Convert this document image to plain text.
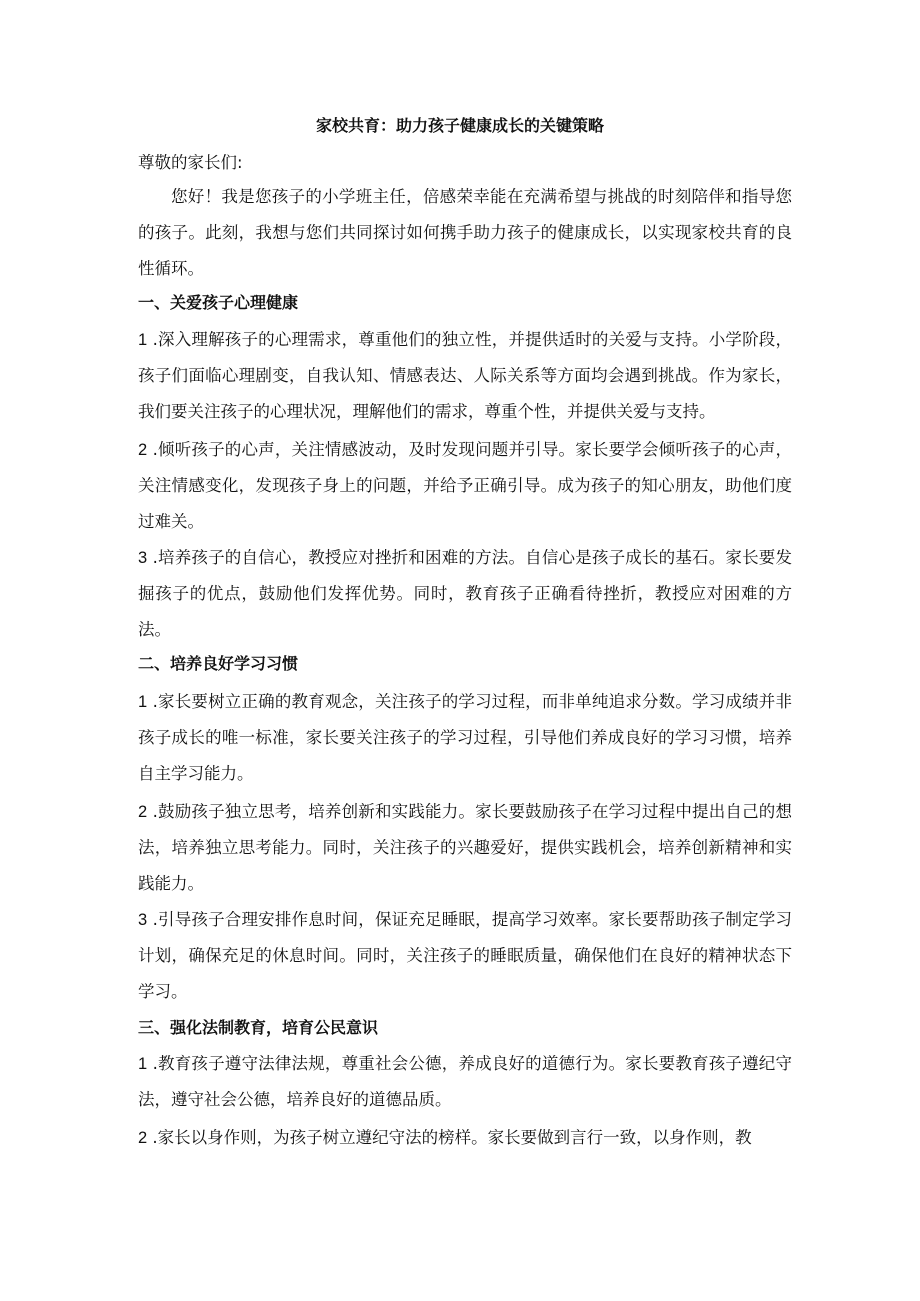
家校共育：助力孩子健康成长的关键策略

尊敬的家长们:

您好！我是您孩子的小学班主任，倍感荣幸能在充满希望与挑战的时刻陪伴和指导您的孩子。此刻，我想与您们共同探讨如何携手助力孩子的健康成长，以实现家校共育的良性循环。

一、关爱孩子心理健康

1 .深入理解孩子的心理需求，尊重他们的独立性，并提供适时的关爱与支持。小学阶段，孩子们面临心理剧变，自我认知、情感表达、人际关系等方面均会遇到挑战。作为家长，我们要关注孩子的心理状况，理解他们的需求，尊重个性，并提供关爱与支持。

2 .倾听孩子的心声，关注情感波动，及时发现问题并引导。家长要学会倾听孩子的心声，关注情感变化，发现孩子身上的问题，并给予正确引导。成为孩子的知心朋友，助他们度过难关。

3 .培养孩子的自信心，教授应对挫折和困难的方法。自信心是孩子成长的基石。家长要发掘孩子的优点，鼓励他们发挥优势。同时，教育孩子正确看待挫折，教授应对困难的方法。

二、培养良好学习习惯

1 .家长要树立正确的教育观念，关注孩子的学习过程，而非单纯追求分数。学习成绩并非孩子成长的唯一标准，家长要关注孩子的学习过程，引导他们养成良好的学习习惯，培养自主学习能力。

2 .鼓励孩子独立思考，培养创新和实践能力。家长要鼓励孩子在学习过程中提出自己的想法，培养独立思考能力。同时，关注孩子的兴趣爱好，提供实践机会，培养创新精神和实践能力。

3 .引导孩子合理安排作息时间，保证充足睡眠，提高学习效率。家长要帮助孩子制定学习计划，确保充足的休息时间。同时，关注孩子的睡眠质量，确保他们在良好的精神状态下学习。

三、强化法制教育，培育公民意识

1 .教育孩子遵守法律法规，尊重社会公德，养成良好的道德行为。家长要教育孩子遵纪守法，遵守社会公德，培养良好的道德品质。

2 .家长以身作则，为孩子树立遵纪守法的榜样。家长要做到言行一致，以身作则，教
